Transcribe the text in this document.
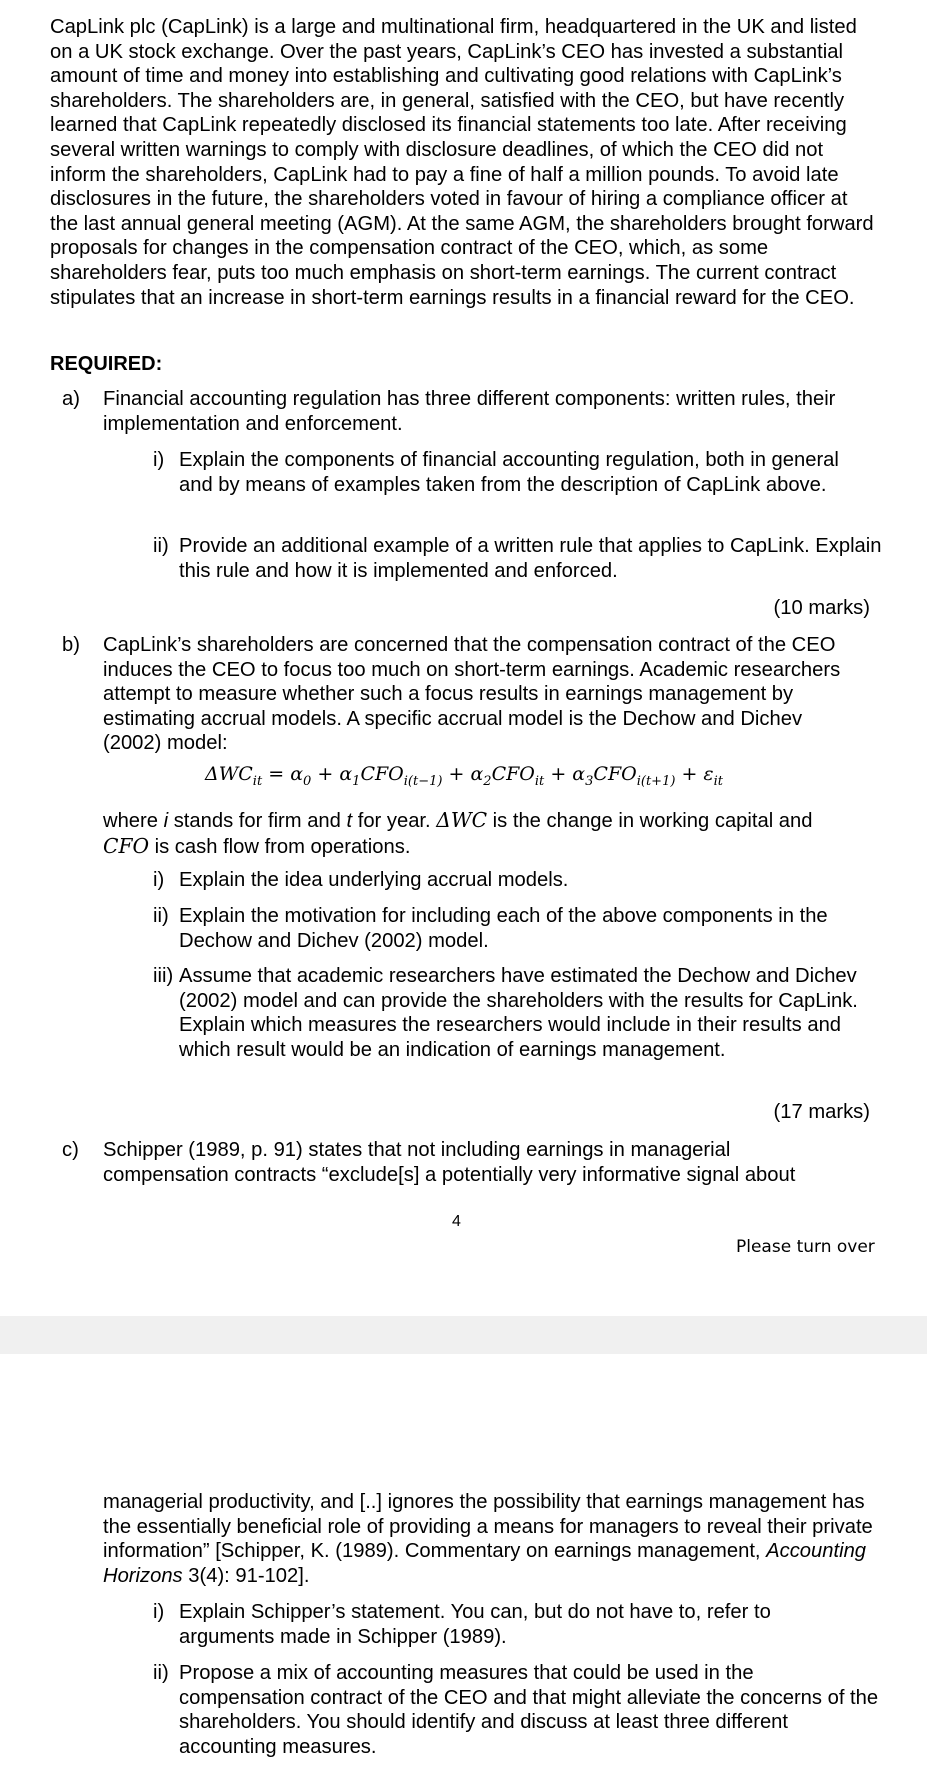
CapLink plc (CapLink) is a large and multinational firm, headquartered in the UK and listed on a UK stock exchange. Over the past years, CapLink’s CEO has invested a substantial amount of time and money into establishing and cultivating good relations with CapLink’s shareholders. The shareholders are, in general, satisfied with the CEO, but have recently learned that CapLink repeatedly disclosed its financial statements too late. After receiving several written warnings to comply with disclosure deadlines, of which the CEO did not inform the shareholders, CapLink had to pay a fine of half a million pounds. To avoid late disclosures in the future, the shareholders voted in favour of hiring a compliance officer at the last annual general meeting (AGM). At the same AGM, the shareholders brought forward proposals for changes in the compensation contract of the CEO, which, as some shareholders fear, puts too much emphasis on short-term earnings. The current contract stipulates that an increase in short-term earnings results in a financial reward for the CEO.

REQUIRED:
a) Financial accounting regulation has three different components: written rules, their implementation and enforcement.

i) Explain the components of financial accounting regulation, both in general and by means of examples taken from the description of CapLink above.

ii) Provide an additional example of a written rule that applies to CapLink. Explain this rule and how it is implemented and enforced.

(10 marks)
b) CapLink’s shareholders are concerned that the compensation contract of the CEO induces the CEO to focus too much on short-term earnings. Academic researchers attempt to measure whether such a focus results in earnings management by estimating accrual models. A specific accrual model is the Dechow and Dichev (2002) model:

$\Delta WC_{it} = \alpha_0 + \alpha_1CFO_{i(t-1)} + \alpha_2CFO_{it} + \alpha_3CFO_{i(t+1)} + \varepsilon_{it}$

where i stands for firm and t for year. ΔWC is the change in working capital and
CFO is cash flow from operations.

i) Explain the idea underlying accrual models.

ii) Explain the motivation for including each of the above components in the Dechow and Dichev (2002) model.

iii) Assume that academic researchers have estimated the Dechow and Dichev (2002) model and can provide the shareholders with the results for CapLink. Explain which measures the researchers would include in their results and which result would be an indication of earnings management.

(17 marks)
c) Schipper (1989, p. 91) states that not including earnings in managerial compensation contracts “exclude[s] a potentially very informative signal about

4
Please turn over

managerial productivity, and [..] ignores the possibility that earnings management has the essentially beneficial role of providing a means for managers to reveal their private information” [Schipper, K. (1989). Commentary on earnings management, Accounting Horizons 3(4): 91-102].

i) Explain Schipper’s statement. You can, but do not have to, refer to arguments made in Schipper (1989).

ii) Propose a mix of accounting measures that could be used in the compensation contract of the CEO and that might alleviate the concerns of the shareholders. You should identify and discuss at least three different accounting measures.
